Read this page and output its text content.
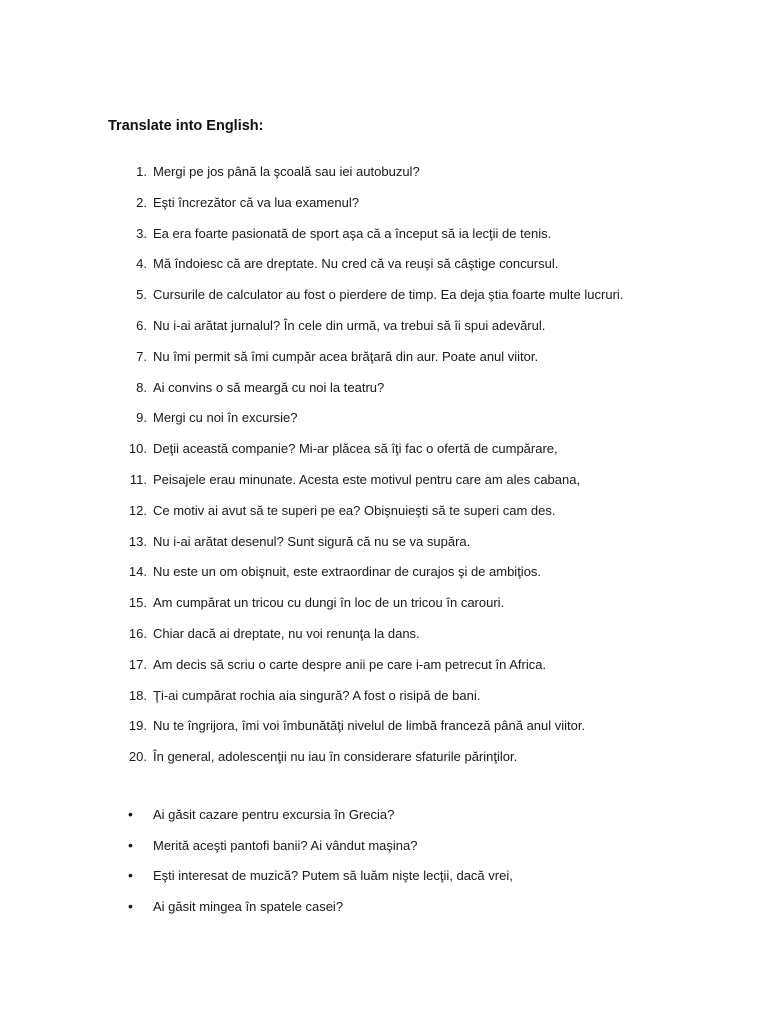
Translate into English:
1. Mergi pe jos până la şcoală sau iei autobuzul?
2. Eşti încrezător că va lua examenul?
3. Ea era foarte pasionată de sport aşa că a început să ia lecţii de tenis.
4. Mă îndoiesc că are dreptate. Nu cred că va reuşi să câştige concursul.
5. Cursurile de calculator au fost o pierdere de timp. Ea deja ştia foarte multe lucruri.
6. Nu i-ai arătat jurnalul? În cele din urmă, va trebui să îi spui adevărul.
7. Nu îmi permit să îmi cumpăr acea brăţară din aur. Poate anul viitor.
8. Ai convins o să meargă cu noi la teatru?
9. Mergi cu noi în excursie?
10. Deţii această companie? Mi-ar plăcea să îţi fac o ofertă de cumpărare,
11. Peisajele erau minunate. Acesta este motivul pentru care am ales cabana,
12. Ce motiv ai avut să te superi pe ea? Obişnuieşti să te superi cam des.
13. Nu i-ai arătat desenul? Sunt sigură că nu se va supăra.
14. Nu este un om obişnuit, este extraordinar de curajos şi de ambiţios.
15. Am cumpărat un tricou cu dungi în loc de un tricou în carouri.
16. Chiar dacă ai dreptate, nu voi renunţa la dans.
17. Am decis să scriu o carte despre anii pe care i-am petrecut în Africa.
18. Ţi-ai cumpărat rochia aia singură? A fost o risipă de bani.
19. Nu te îngrijora, îmi voi îmbunătăţi nivelul de limbă franceză până anul viitor.
20. În general, adolescenţii nu iau în considerare sfaturile părinţilor.
• Ai găsit cazare pentru excursia în Grecia?
• Merită aceşti pantofi banii? Ai vândut maşina?
• Eşti interesat de muzică? Putem să luăm nişte lecţii, dacă vrei,
• Ai găsit mingea în spatele casei?
